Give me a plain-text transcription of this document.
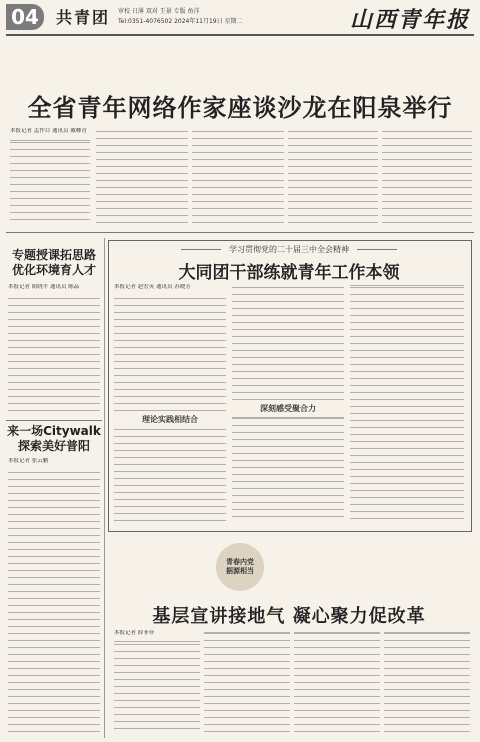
04	共青团 审校 日薄 双对 王景 专版 鱼洋
Tel:0351-4076502 2024年11月19日 星期二	山西青年报
全省青年网络作家座谈沙龙在阳泉举行
本报记者 孟作目 通讯员 戴卿青
专题授课拓思路
优化环境育人才
本报记者 隋晓平 通讯员 陈品
来一场Citywalk
探索美好普阳
本报记者 张云鹏
学习贯彻党的二十届三中全会精神
大同团干部练就青年工作本领
本报记者 赵宏英 通讯员 苏晓芳
理论实践相结合
深刻感受聚合力
青春内党
据源相当
基层宣讲接地气 凝心聚力促改革
本报记者 薛菲菲
